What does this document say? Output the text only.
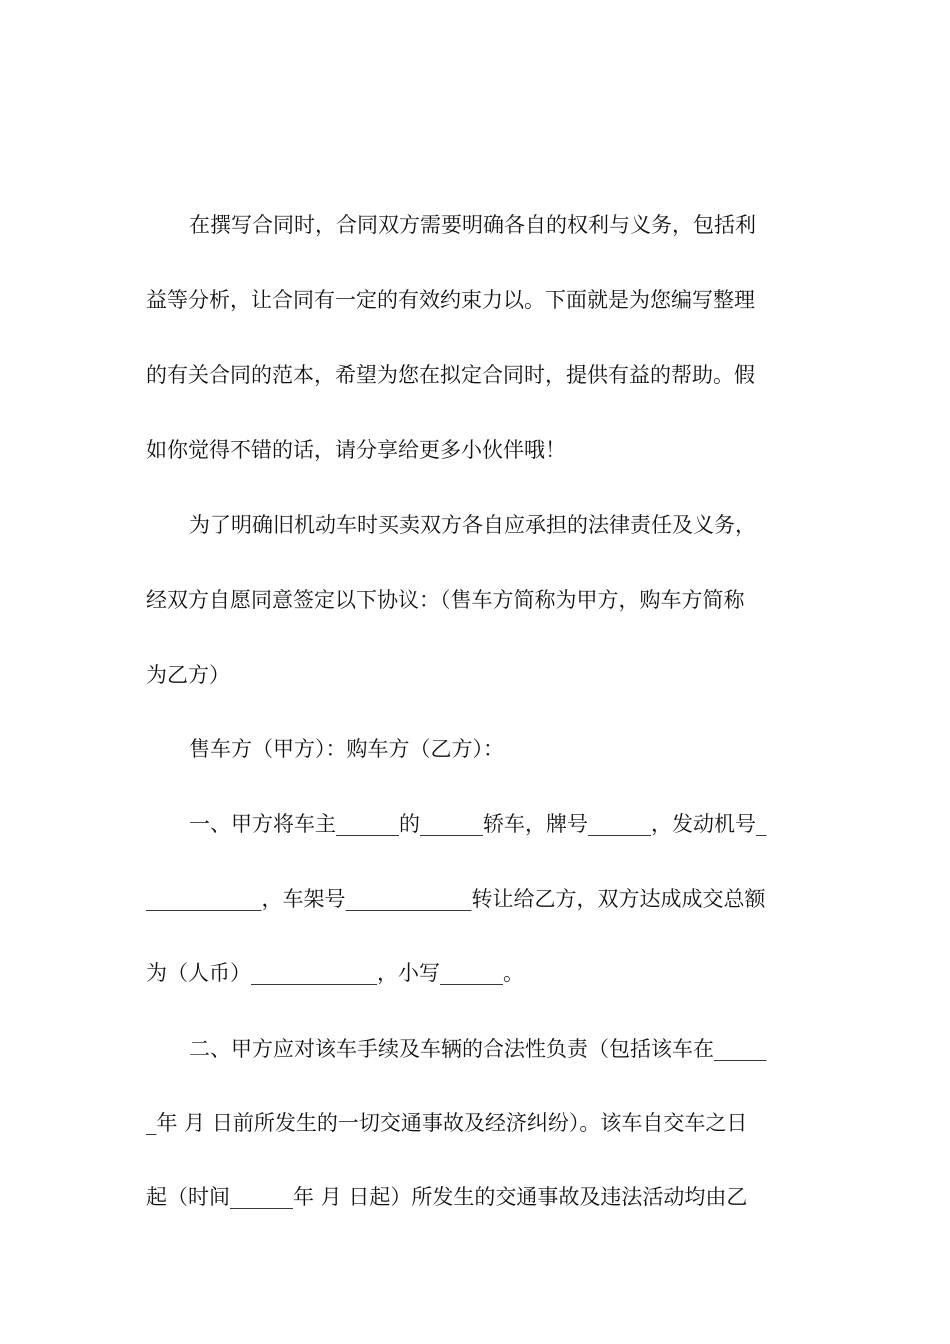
在撰写合同时，合同双方需要明确各自的权利与义务，包括利
益等分析，让合同有一定的有效约束力以。下面就是为您编写整理
的有关合同的范本，希望为您在拟定合同时，提供有益的帮助。假
如你觉得不错的话，请分享给更多小伙伴哦！
为了明确旧机动车时买卖双方各自应承担的法律责任及义务，
经双方自愿同意签定以下协议：（售车方简称为甲方，购车方简称
为乙方）
售车方（甲方）：购车方（乙方）：
一、甲方将车主______的______轿车，牌号______，发动机号_
___________，车架号____________转让给乙方，双方达成成交总额
为（人币）____________，小写______。
二、甲方应对该车手续及车辆的合法性负责（包括该车在_____
_年 月 日前所发生的一切交通事故及经济纠纷）。该车自交车之日
起（时间______年 月 日起）所发生的交通事故及违法活动均由乙
